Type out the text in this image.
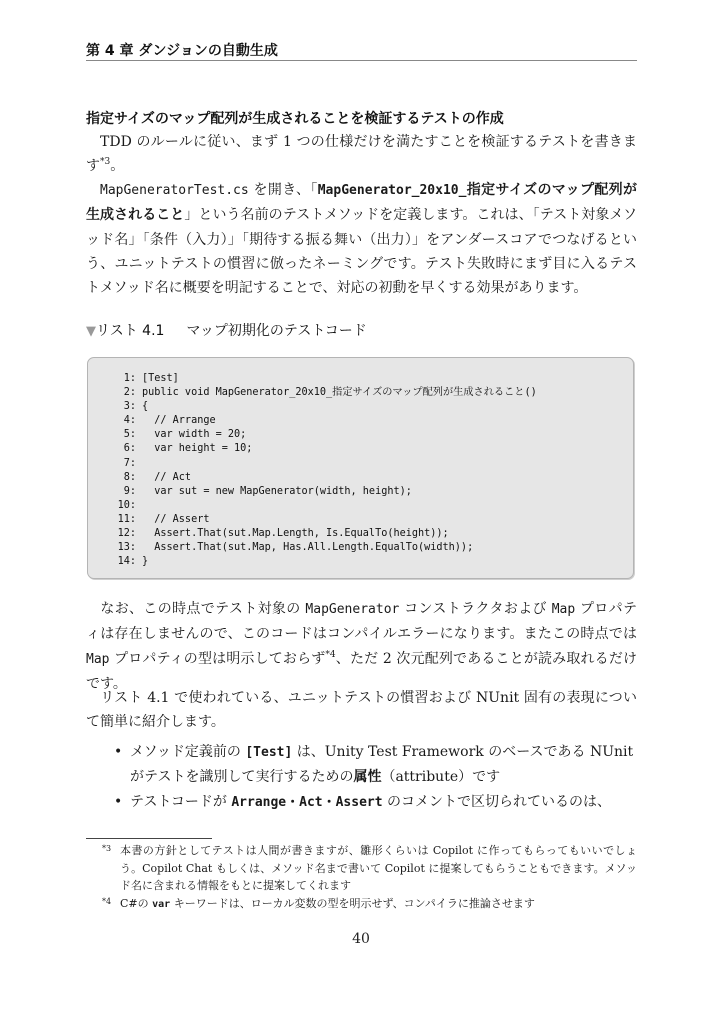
第 4 章 ダンジョンの自動生成
指定サイズのマップ配列が生成されることを検証するテストの作成
TDD のルールに従い、まず 1 つの仕様だけを満たすことを検証するテストを書きます$^{*3}$。
MapGeneratorTest.cs を開き、「MapGenerator_20x10_指定サイズのマップ配列が生成されること」という名前のテストメソッドを定義します。これは、「テスト対象メソッド名」「条件（入力）」「期待する振る舞い（出力）」をアンダースコアでつなげるという、ユニットテストの慣習に倣ったネーミングです。テスト失敗時にまず目に入るテストメソッド名に概要を明記することで、対応の初動を早くする効果があります。
▼リスト 4.1 マップ初期化のテストコード
1: [Test]
2: public void MapGenerator_20x10_指定サイズのマップ配列が生成されること()
3: {
4:  // Arrange
5:  var width = 20;
6:  var height = 10;
7:
8:  // Act
9:  var sut = new MapGenerator(width, height);
10:
11:  // Assert
12:  Assert.That(sut.Map.Length, Is.EqualTo(height));
13:  Assert.That(sut.Map, Has.All.Length.EqualTo(width));
14: }
なお、この時点でテスト対象の MapGenerator コンストラクタおよび Map プロパティは存在しませんので、このコードはコンパイルエラーになります。またこの時点では Map プロパティの型は明示しておらず$^{*4}$、ただ 2 次元配列であることが読み取れるだけです。
リスト 4.1 で使われている、ユニットテストの慣習および NUnit 固有の表現について簡単に紹介します。
• メソッド定義前の [Test] は、Unity Test Framework のベースである NUnit がテストを識別して実行するための属性（attribute）です
• テストコードが Arrange・Act・Assert のコメントで区切られているのは、
*3 本書の方針としてテストは人間が書きますが、雛形くらいは Copilot に作ってもらってもいいでしょう。Copilot Chat もしくは、メソッド名まで書いて Copilot に提案してもらうこともできます。メソッド名に含まれる情報をもとに提案してくれます
*4 C#の var キーワードは、ローカル変数の型を明示せず、コンパイラに推論させます
40
